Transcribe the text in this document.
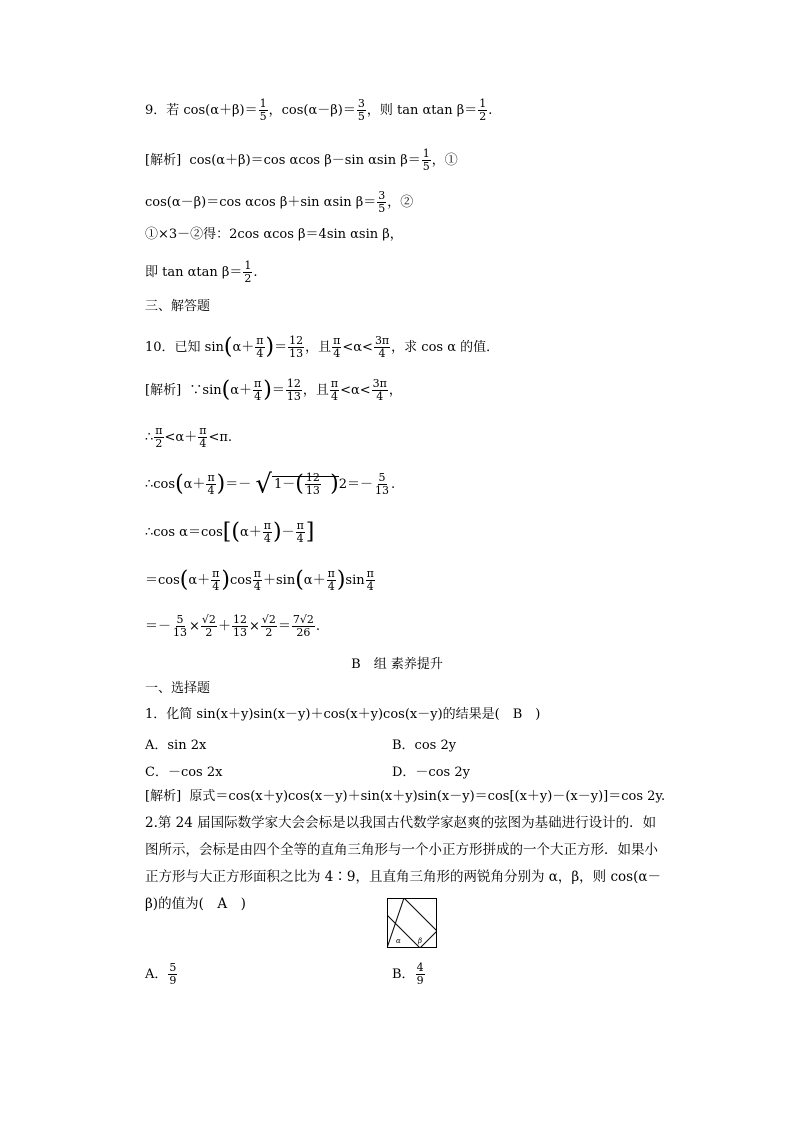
9．若 $\cos(\alpha+\beta)= \frac{1}{5}$ ，$\cos(\alpha-\beta)= \frac{3}{5}$ ，则 tan αtan $\beta= \frac{1}{2}$ .
[解析] cos(α＋β)＝cos αcos β－sin αsin $\beta= \frac{1}{5}$ ，①
cos(α－β)＝cos αcos β＋sin αsin $\beta= \frac{3}{5}$ ，②
①×3－②得：2cos αcos β＝4sin αsin β，
即 tan αtan $\beta= \frac{1}{2}$ .
三、解答题
10．已知 $\sin(\alpha+ \frac{\pi}{4}$ )＝ $\frac{12}{13}$ ，且 $\frac{\pi}{4} <\alpha< \frac{3\pi}{4}$ ，求 cos α 的值．
[解析] ∵sin(α＋ $\frac{\pi}{4}$ )＝ $\frac{12}{13}$ ，且 $\frac{\pi}{4} <\alpha< \frac{3\pi}{4}$ ，
∴ $\frac{\pi}{2} <\alpha+ \frac{\pi}{4} <\pi$.
∴cos(α＋ $\frac{\pi}{4}$ )＝－ √ $1-( \frac{12}{13} )2=- \frac{5}{13}$ .
∴cos $\alpha=\cos[(\alpha+ \frac{\pi}{4}$ )－ $\frac{\pi}{4}$ ]
$=\cos(\alpha+ \frac{\pi}{4} )\cos \frac{\pi}{4} +\sin(\alpha+ \frac{\pi}{4} )\sin \frac{\pi}{4}$
＝－ $\frac{5}{13} \times \frac{√2}{2} + \frac{12}{13} \times \frac{√2}{2} = \frac{7√2}{26}$ .
B　组 素养提升
一、选择题
1．化简 sin(x＋y)sin(x－y)＋cos(x＋y)cos(x－y)的结果是(　B　)
A．sin 2x	B．cos 2y
C．－cos 2x	D．－cos 2y
[解析] 原式＝cos(x＋y)cos(x－y)＋sin(x＋y)sin(x－y)＝cos[(x＋y)－(x－y)]＝cos 2y.
2.第 24 届国际数学家大会会标是以我国古代数学家赵爽的弦图为基础进行设计的．如图所示，会标是由四个全等的直角三角形与一个小正方形拼成的一个大正方形．如果小正方形与大正方形面积之比为 4∶9，且直角三角形的两锐角分别为 α，β，则 cos(α－β)的值为(　A　)
α β
A． $\frac{5}{9}$	B． $\frac{4}{9}$
